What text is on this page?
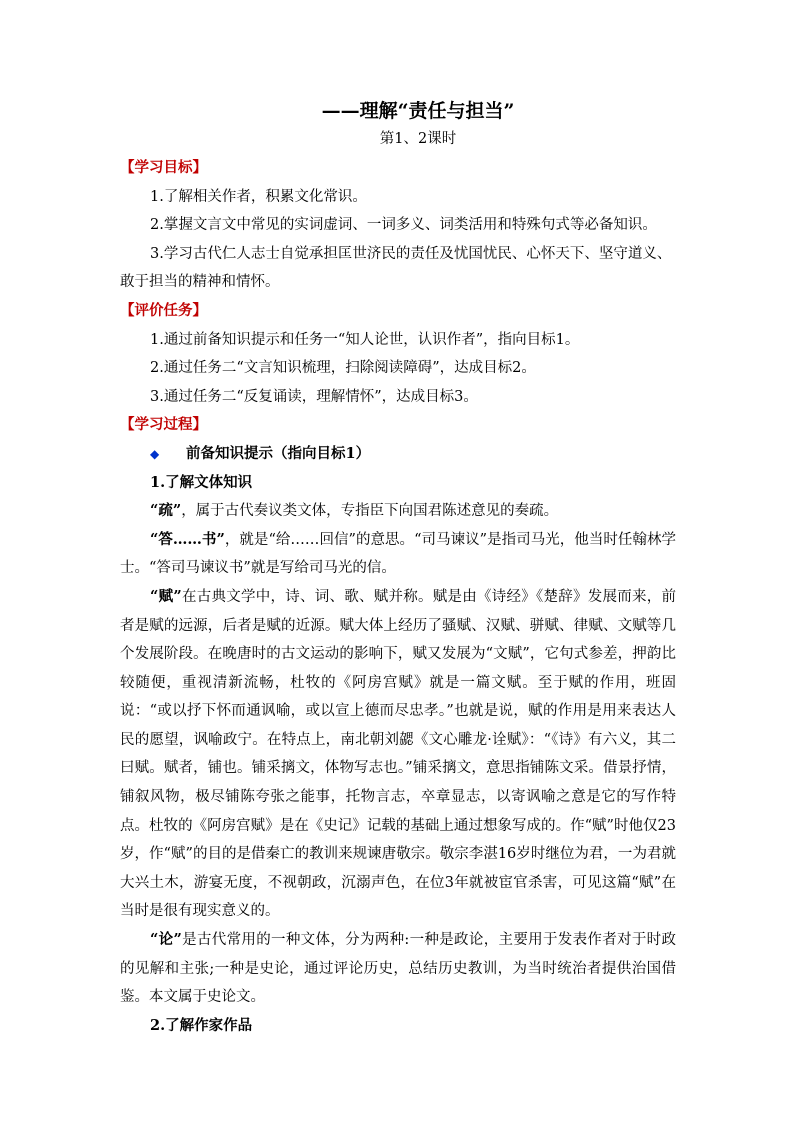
——理解“责任与担当”

第1、2课时

【学习目标】

1.了解相关作者，积累文化常识。

2.掌握文言文中常见的实词虚词、一词多义、词类活用和特殊句式等必备知识。

3.学习古代仁人志士自觉承担匡世济民的责任及忧国忧民、心怀天下、坚守道义、敢于担当的精神和情怀。

【评价任务】

1.通过前备知识提示和任务一“知人论世，认识作者”，指向目标1。

2.通过任务二“文言知识梳理，扫除阅读障碍”，达成目标2。

3.通过任务二“反复诵读，理解情怀”，达成目标3。

【学习过程】

◆ 前备知识提示（指向目标1）

1.了解文体知识

“疏”，属于古代奏议类文体，专指臣下向国君陈述意见的奏疏。

“答……书”，就是“给……回信”的意思。“司马谏议”是指司马光，他当时任翰林学士。“答司马谏议书”就是写给司马光的信。

“赋”在古典文学中，诗、词、歌、赋并称。赋是由《诗经》《楚辞》发展而来，前者是赋的远源，后者是赋的近源。赋大体上经历了骚赋、汉赋、骈赋、律赋、文赋等几个发展阶段。在晚唐时的古文运动的影响下，赋又发展为“文赋”，它句式参差，押韵比较随便，重视清新流畅，杜牧的《阿房宫赋》就是一篇文赋。至于赋的作用，班固说：“或以抒下怀而通讽喻，或以宣上德而尽忠孝。”也就是说，赋的作用是用来表达人民的愿望，讽喻政宁。在特点上，南北朝刘勰《文心雕龙·诠赋》：“《诗》有六义，其二曰赋。赋者，铺也。铺采摛文，体物写志也。”铺采摛文，意思指铺陈文采。借景抒情，铺叙风物，极尽铺陈夸张之能事，托物言志，卒章显志，以寄讽喻之意是它的写作特点。杜牧的《阿房宫赋》是在《史记》记载的基础上通过想象写成的。作“赋”时他仅23岁，作“赋”的目的是借秦亡的教训来规谏唐敬宗。敬宗李湛16岁时继位为君，一为君就大兴土木，游宴无度，不视朝政，沉溺声色，在位3年就被宦官杀害，可见这篇“赋”在当时是很有现实意义的。

“论”是古代常用的一种文体，分为两种:一种是政论，主要用于发表作者对于时政的见解和主张;一种是史论，通过评论历史，总结历史教训，为当时统治者提供治国借鉴。本文属于史论文。

2.了解作家作品
